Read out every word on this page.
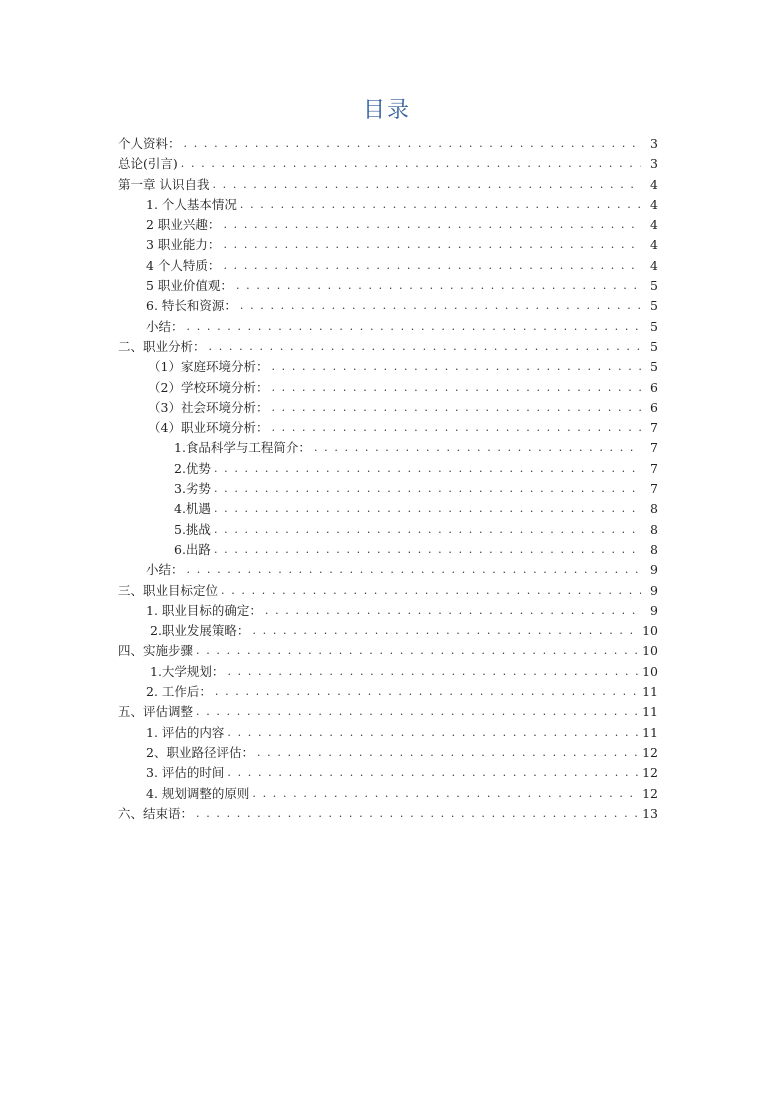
目录
个人资料： . . .	3
总论(引言) . . .	3
第一章 认识自我 . . .	4
1. 个人基本情况 . . .	4
2 职业兴趣： . . .	4
3 职业能力： . . .	4
4 个人特质： . . .	4
5 职业价值观： . . .	5
6. 特长和资源： . . .	5
小结： . . .	5
二、职业分析： . . .	5
（1）家庭环境分析： . . .	5
（2）学校环境分析： . . .	6
（3）社会环境分析： . . .	6
（4）职业环境分析： . . .	7
1.食品科学与工程简介： . . .	7
2.优势 . . .	7
3.劣势 . . .	7
4.机遇 . . .	8
5.挑战 . . .	8
6.出路 . . .	8
小结： . . .	9
三、职业目标定位 . . .	9
1. 职业目标的确定： . . .	9
2.职业发展策略： . . .	10
四、实施步骤 . . .	10
1.大学规划： . . .	10
2. 工作后： . . .	11
五、评估调整 . . .	11
1. 评估的内容 . . .	11
2、职业路径评估： . . .	12
3. 评估的时间 . . .	12
4. 规划调整的原则 . . .	12
六、结束语： . . .	13
